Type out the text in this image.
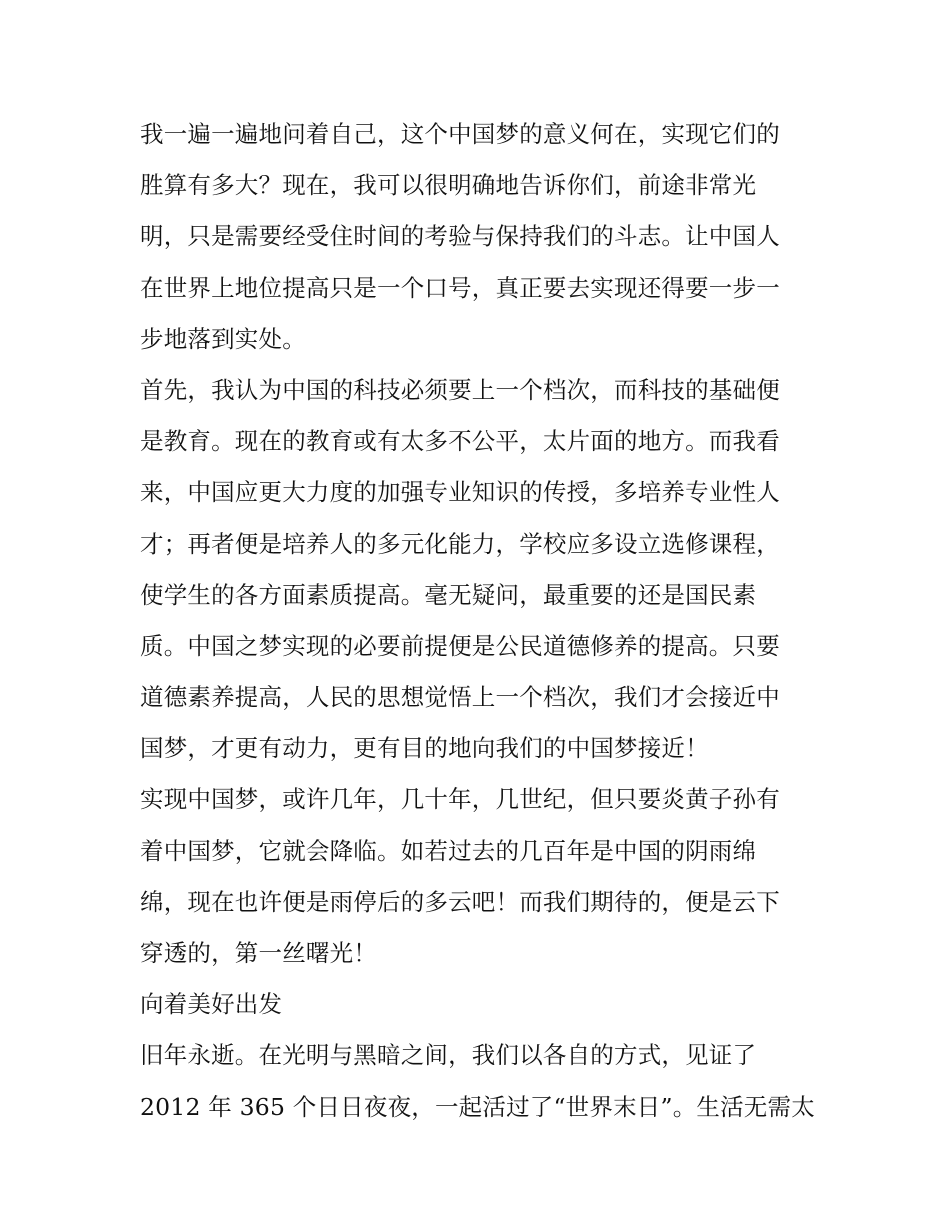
我一遍一遍地问着自己，这个中国梦的意义何在，实现它们的
胜算有多大？现在，我可以很明确地告诉你们，前途非常光
明，只是需要经受住时间的考验与保持我们的斗志。让中国人
在世界上地位提高只是一个口号，真正要去实现还得要一步一
步地落到实处。
首先，我认为中国的科技必须要上一个档次，而科技的基础便
是教育。现在的教育或有太多不公平，太片面的地方。而我看
来，中国应更大力度的加强专业知识的传授，多培养专业性人
才；再者便是培养人的多元化能力，学校应多设立选修课程，
使学生的各方面素质提高。毫无疑问，最重要的还是国民素
质。中国之梦实现的必要前提便是公民道德修养的提高。只要
道德素养提高，人民的思想觉悟上一个档次，我们才会接近中
国梦，才更有动力，更有目的地向我们的中国梦接近！
实现中国梦，或许几年，几十年，几世纪，但只要炎黄子孙有
着中国梦，它就会降临。如若过去的几百年是中国的阴雨绵
绵，现在也许便是雨停后的多云吧！而我们期待的，便是云下
穿透的，第一丝曙光！
向着美好出发
旧年永逝。在光明与黑暗之间，我们以各自的方式，见证了
2012 年 365 个日日夜夜，一起活过了“世界末日”。生活无需太
